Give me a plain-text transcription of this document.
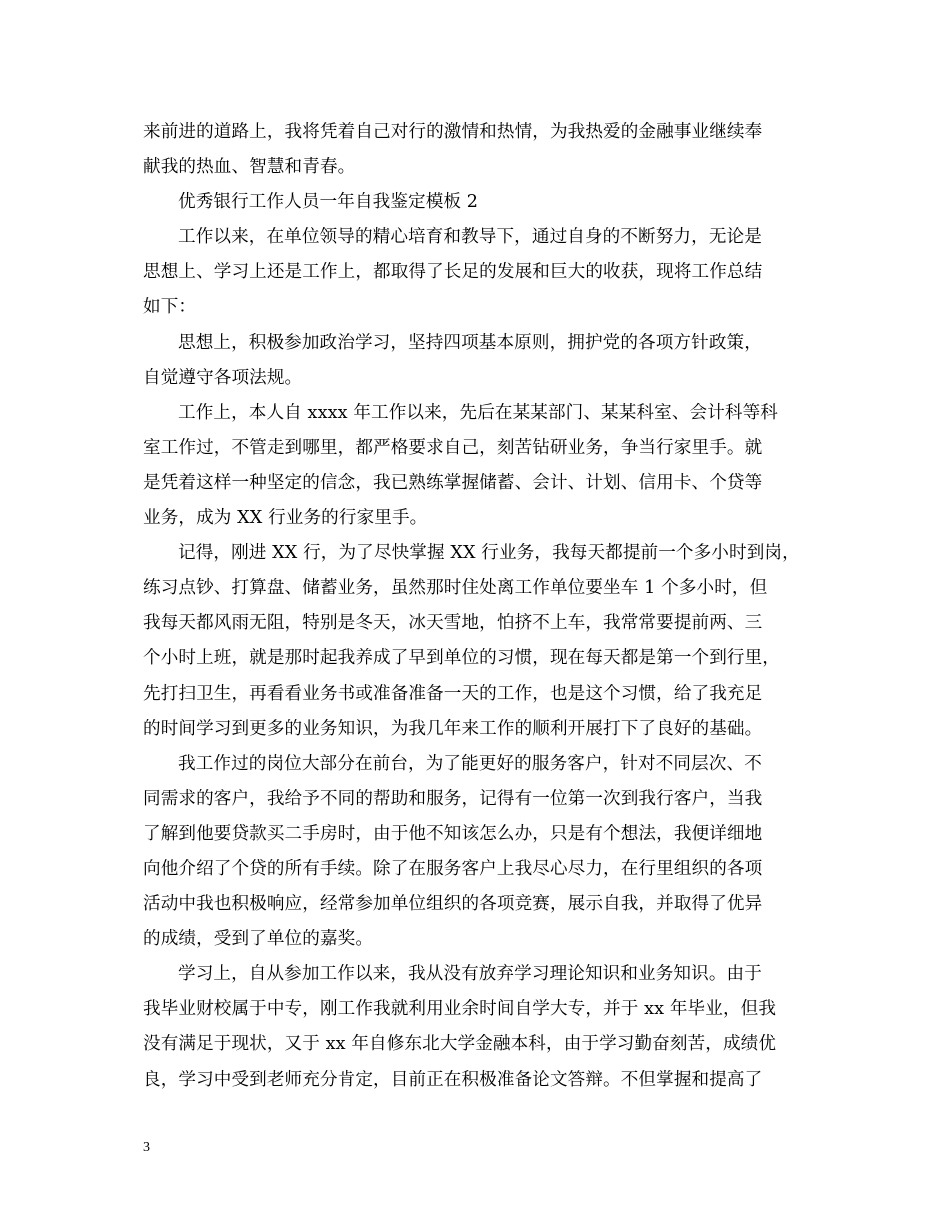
来前进的道路上，我将凭着自己对行的激情和热情，为我热爱的金融事业继续奉
献我的热血、智慧和青春。
优秀银行工作人员一年自我鉴定模板 2
工作以来，在单位领导的精心培育和教导下，通过自身的不断努力，无论是
思想上、学习上还是工作上，都取得了长足的发展和巨大的收获，现将工作总结
如下：
思想上，积极参加政治学习，坚持四项基本原则，拥护党的各项方针政策，
自觉遵守各项法规。
工作上，本人自 xxxx 年工作以来，先后在某某部门、某某科室、会计科等科
室工作过，不管走到哪里，都严格要求自己，刻苦钻研业务，争当行家里手。就
是凭着这样一种坚定的信念，我已熟练掌握储蓄、会计、计划、信用卡、个贷等
业务，成为 XX 行业务的行家里手。
记得，刚进 XX 行，为了尽快掌握 XX 行业务，我每天都提前一个多小时到岗，
练习点钞、打算盘、储蓄业务，虽然那时住处离工作单位要坐车 1 个多小时，但
我每天都风雨无阻，特别是冬天，冰天雪地，怕挤不上车，我常常要提前两、三
个小时上班，就是那时起我养成了早到单位的习惯，现在每天都是第一个到行里，
先打扫卫生，再看看业务书或准备准备一天的工作，也是这个习惯，给了我充足
的时间学习到更多的业务知识，为我几年来工作的顺利开展打下了良好的基础。
我工作过的岗位大部分在前台，为了能更好的服务客户，针对不同层次、不
同需求的客户，我给予不同的帮助和服务，记得有一位第一次到我行客户，当我
了解到他要贷款买二手房时，由于他不知该怎么办，只是有个想法，我便详细地
向他介绍了个贷的所有手续。除了在服务客户上我尽心尽力，在行里组织的各项
活动中我也积极响应，经常参加单位组织的各项竞赛，展示自我，并取得了优异
的成绩，受到了单位的嘉奖。
学习上，自从参加工作以来，我从没有放弃学习理论知识和业务知识。由于
我毕业财校属于中专，刚工作我就利用业余时间自学大专，并于 xx 年毕业，但我
没有满足于现状，又于 xx 年自修东北大学金融本科，由于学习勤奋刻苦，成绩优
良，学习中受到老师充分肯定，目前正在积极准备论文答辩。不但掌握和提高了
3
